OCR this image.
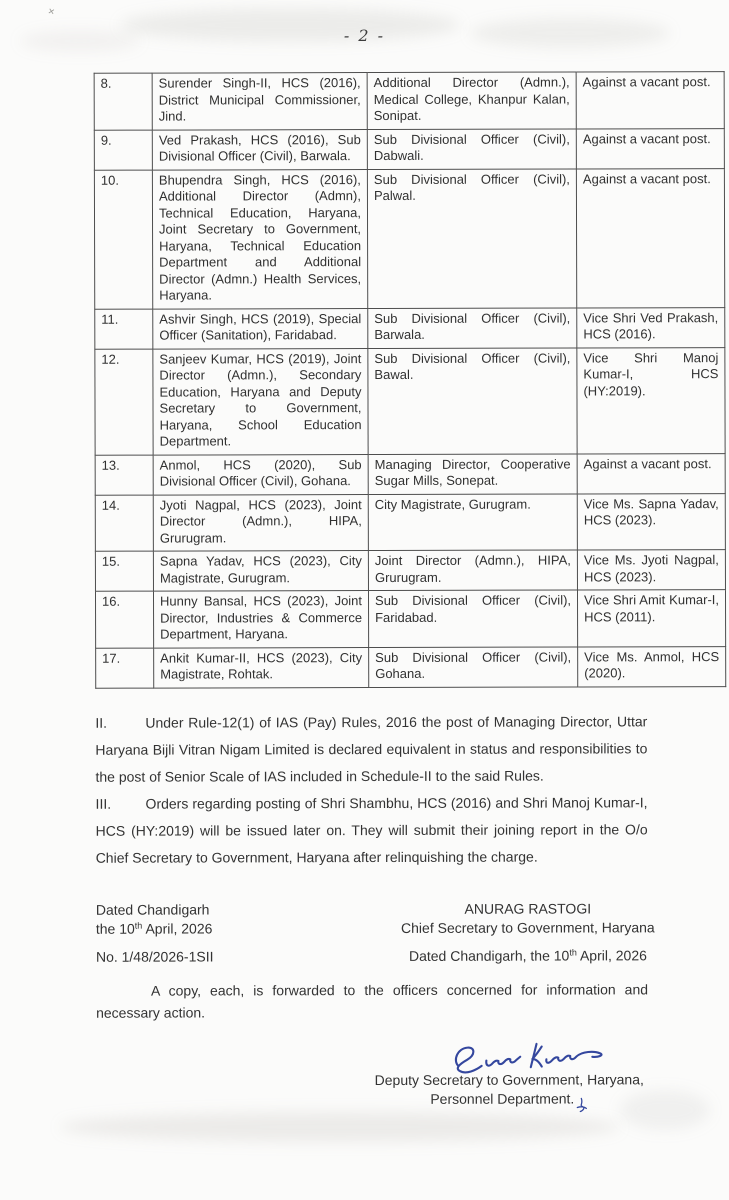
×
- 2 -
8.	Surender Singh-II, HCS (2016), District Municipal Commissioner, Jind.	Additional Director (Admn.), Medical College, Khanpur Kalan, Sonipat.	Against a vacant post.
9.	Ved Prakash, HCS (2016), Sub Divisional Officer (Civil), Barwala.	Sub Divisional Officer (Civil), Dabwali.	Against a vacant post.
10.	Bhupendra Singh, HCS (2016), Additional Director (Admn), Technical Education, Haryana, Joint Secretary to Government, Haryana, Technical Education Department and Additional Director (Admn.) Health Services, Haryana.	Sub Divisional Officer (Civil), Palwal.	Against a vacant post.
11.	Ashvir Singh, HCS (2019), Special Officer (Sanitation), Faridabad.	Sub Divisional Officer (Civil), Barwala.	Vice Shri Ved Prakash, HCS (2016).
12.	Sanjeev Kumar, HCS (2019), Joint Director (Admn.), Secondary Education, Haryana and Deputy Secretary to Government, Haryana, School Education Department.	Sub Divisional Officer (Civil), Bawal.	Vice Shri Manoj Kumar-I, HCS (HY:2019).
13.	Anmol, HCS (2020), Sub Divisional Officer (Civil), Gohana.	Managing Director, Cooperative Sugar Mills, Sonepat.	Against a vacant post.
14.	Jyoti Nagpal, HCS (2023), Joint Director (Admn.), HIPA, Grurugram.	City Magistrate, Gurugram.	Vice Ms. Sapna Yadav, HCS (2023).
15.	Sapna Yadav, HCS (2023), City Magistrate, Gurugram.	Joint Director (Admn.), HIPA, Grurugram.	Vice Ms. Jyoti Nagpal, HCS (2023).
16.	Hunny Bansal, HCS (2023), Joint Director, Industries & Commerce Department, Haryana.	Sub Divisional Officer (Civil), Faridabad.	Vice Shri Amit Kumar-I, HCS (2011).
17.	Ankit Kumar-II, HCS (2023), City Magistrate, Rohtak.	Sub Divisional Officer (Civil), Gohana.	Vice Ms. Anmol, HCS (2020).

II.	Under Rule-12(1) of IAS (Pay) Rules, 2016 the post of Managing Director, Uttar Haryana Bijli Vitran Nigam Limited is declared equivalent in status and responsibilities to the post of Senior Scale of IAS included in Schedule-II to the said Rules.

III. Orders regarding posting of Shri Shambhu, HCS (2016) and Shri Manoj Kumar-I, HCS (HY:2019) will be issued later on. They will submit their joining report in the O/o Chief Secretary to Government, Haryana after relinquishing the charge.

Dated Chandigarh
the 10th April, 2026
No. 1/48/2026-1SII
ANURAG RASTOGI
Chief Secretary to Government, Haryana
Dated Chandigarh, the 10th April, 2026

A copy, each, is forwarded to the officers concerned for information and necessary action.

Deputy Secretary to Government, Haryana,
Personnel Department.
